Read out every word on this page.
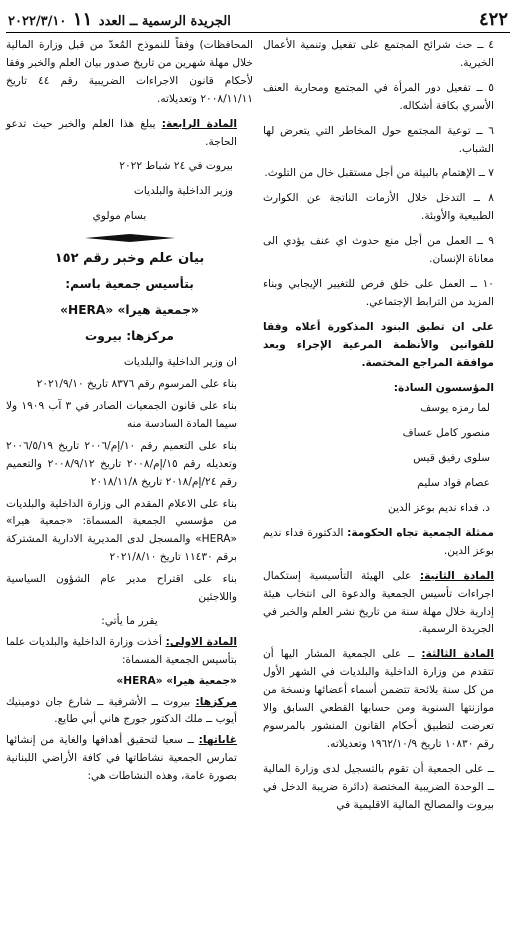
٤٢٢
الجريدة الرسمية ــ العدد ١١ ٢٠٢٢/٣/١٠

٤ ــ حث شرائح المجتمع على تفعيل وتنمية الأعمال الخيرية.

٥ ــ تفعيل دور المرأة في المجتمع ومحاربة العنف الأسري بكافة أشكاله.

٦ ــ توعية المجتمع حول المخاطر التي يتعرض لها الشباب.

٧ ــ الإهتمام بالبيئة من أجل مستقبل خال من التلوث.

٨ ــ التدخل خلال الأزمات الناتجة عن الكوارث الطبيعية والأوبئة.

٩ ــ العمل من أجل منع حدوث اي عنف يؤدي الى معاناة الإنسان.

١٠ ــ العمل على خلق فرص للتغيير الإيجابي وبناء المزيد من الترابط الإجتماعي.

على ان تطبق البنود المذكورة أعلاه وفقا للقوانين والأنظمة المرعية الإجراء وبعد موافقة المراجع المختصة.

المؤسسون السادة:

لما رمزه يوسف

منصور كامل عساف

سلوى رفيق قيس

عصام فواد سليم

د. فداء نديم بوعز الدين

ممثلة الجمعية تجاه الحكومة: الدكتورة فداء نديم بوعز الدين.

المادة الثانية: على الهيئة التأسيسية إستكمال اجراءات تأسيس الجمعية والدعوة الى انتخاب هيئة إدارية خلال مهلة سنة من تاريخ نشر العلم والخبر في الجريدة الرسمية.

المادة الثالثة: ــ على الجمعية المشار اليها أن تتقدم من وزارة الداخلية والبلديات في الشهر الأول من كل سنة بلائحة تتضمن أسماء أعضائها ونسخة من موازنتها السنوية ومن حسابها القطعي السابق والا تعرضت لتطبيق أحكام القانون المنشور بالمرسوم رقم ١٠٨٣٠ تاريخ ١٩٦٢/١٠/٩ وتعديلاته.

ــ على الجمعية أن تقوم بالتسجيل لدى وزارة المالية ــ الوحدة الضريبية المختصة (دائرة ضريبة الدخل في بيروت والمصالح المالية الاقليمية في

المحافظات) وفقاً للنموذج المُعدّ من قبل وزارة المالية خلال مهلة شهرين من تاريخ صدور بيان العلم والخبر وفقا لأحكام قانون الاجراءات الضريبية رقم ٤٤ تاريخ ٢٠٠٨/١١/١١ وتعديلاته.

المادة الرابعة: يبلغ هذا العلم والخبر حيث تدعو الحاجة.

بيروت في ٢٤ شباط ٢٠٢٢

وزير الداخلية والبلديات

بسام مولوي

بيان علم وخبر رقم ١٥٢

بتأسيس جمعية باسم:

«جمعية هيرا» «HERA»

مركزها: بيروت

ان وزير الداخلية والبلديات

بناء على المرسوم رقم ٨٣٧٦ تاريخ ٢٠٢١/٩/١٠

بناء على قانون الجمعيات الصادر في ٣ آب ١٩٠٩ ولا سيما المادة السادسة منه

بناء على التعميم رقم ١٠/إم/٢٠٠٦ تاريخ ٢٠٠٦/٥/١٩ وتعديله رقم ١٥/إم/٢٠٠٨ تاريخ ٢٠٠٨/٩/١٢ والتعميم رقم ٢٤/إم/٢٠١٨ تاريخ ٢٠١٨/١١/٨

بناء على الاعلام المقدم الى وزارة الداخلية والبلديات من مؤسسي الجمعية المسماة: «جمعية هيرا» «HERA» والمسجل لدى المديرية الادارية المشتركة برقم ١١٤٣٠ تاريخ ٢٠٢١/٨/١٠

بناء على اقتراح مدير عام الشؤون السياسية واللاجئين

يقرر ما يأتي:

المادة الاولى: أخذت وزارة الداخلية والبلديات علما بتأسيس الجمعية المسماة:

«جمعية هيرا» «HERA»

مركزها: بيروت ــ الأشرفية ــ شارع جان دومينيك أيوب ــ ملك الدكتور جورج هاني أبي طايع.

غاياتها: ــ سعيا لتحقيق أهدافها والغاية من إنشائها تمارس الجمعية نشاطاتها في كافة الأراضي اللبنانية بصورة عامة، وهذه النشاطات هي:
